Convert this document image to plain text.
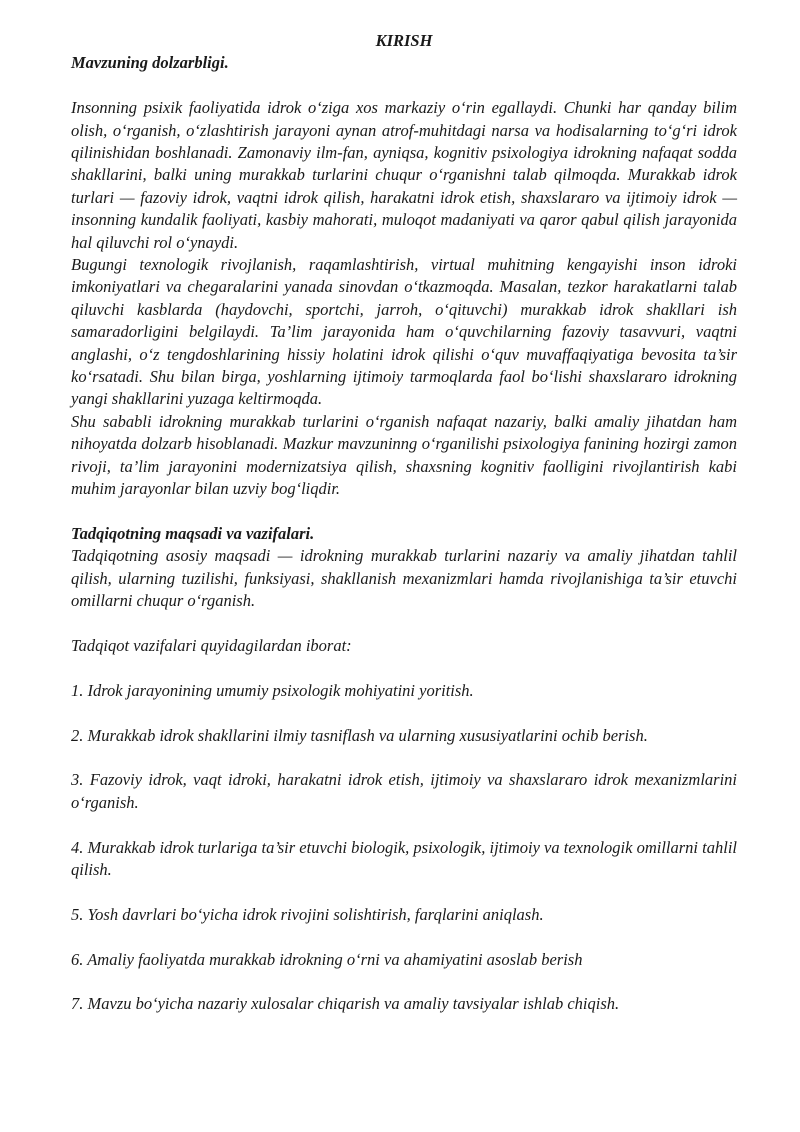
KIRISH

Mavzuning dolzarbligi.

Insonning psixik faoliyatida idrok o‘ziga xos markaziy o‘rin egallaydi. Chunki har qanday bilim olish, o‘rganish, o‘zlashtirish jarayoni aynan atrof-muhitdagi narsa va hodisalarning to‘g‘ri idrok qilinishidan boshlanadi. Zamonaviy ilm-fan, ayniqsa, kognitiv psixologiya idrokning nafaqat sodda shakllarini, balki uning murakkab turlarini chuqur o‘rganishni talab qilmoqda. Murakkab idrok turlari — fazoviy idrok, vaqtni idrok qilish, harakatni idrok etish, shaxslararo va ijtimoiy idrok — insonning kundalik faoliyati, kasbiy mahorati, muloqot madaniyati va qaror qabul qilish jarayonida hal qiluvchi rol o‘ynaydi.

Bugungi texnologik rivojlanish, raqamlashtirish, virtual muhitning kengayishi inson idroki imkoniyatlari va chegaralarini yanada sinovdan o‘tkazmoqda. Masalan, tezkor harakatlarni talab qiluvchi kasblarda (haydovchi, sportchi, jarroh, o‘qituvchi) murakkab idrok shakllari ish samaradorligini belgilaydi. Ta’lim jarayonida ham o‘quvchilarning fazoviy tasavvuri, vaqtni anglashi, o‘z tengdoshlarining hissiy holatini idrok qilishi o‘quv muvaffaqiyatiga bevosita ta’sir ko‘rsatadi. Shu bilan birga, yoshlarning ijtimoiy tarmoqlarda faol bo‘lishi shaxslararo idrokning yangi shakllarini yuzaga keltirmoqda.

Shu sababli idrokning murakkab turlarini o‘rganish nafaqat nazariy, balki amaliy jihatdan ham nihoyatda dolzarb hisoblanadi. Mazkur mavzuninng o‘rganilishi psixologiya fanining hozirgi zamon rivoji, ta’lim jarayonini modernizatsiya qilish, shaxsning kognitiv faolligini rivojlantirish kabi muhim jarayonlar bilan uzviy bog‘liqdir.

Tadqiqotning maqsadi va vazifalari.

Tadqiqotning asosiy maqsadi — idrokning murakkab turlarini nazariy va amaliy jihatdan tahlil qilish, ularning tuzilishi, funksiyasi, shakllanish mexanizmlari hamda rivojlanishiga ta’sir etuvchi omillarni chuqur o‘rganish.

Tadqiqot vazifalari quyidagilardan iborat:

1. Idrok jarayonining umumiy psixologik mohiyatini yoritish.

2. Murakkab idrok shakllarini ilmiy tasniflash va ularning xususiyatlarini ochib berish.

3. Fazoviy idrok, vaqt idroki, harakatni idrok etish, ijtimoiy va shaxslararo idrok mexanizmlarini o‘rganish.

4. Murakkab idrok turlariga ta’sir etuvchi biologik, psixologik, ijtimoiy va texnologik omillarni tahlil qilish.

5. Yosh davrlari bo‘yicha idrok rivojini solishtirish, farqlarini aniqlash.

6. Amaliy faoliyatda murakkab idrokning o‘rni va ahamiyatini asoslab berish

7. Mavzu bo‘yicha nazariy xulosalar chiqarish va amaliy tavsiyalar ishlab chiqish.
